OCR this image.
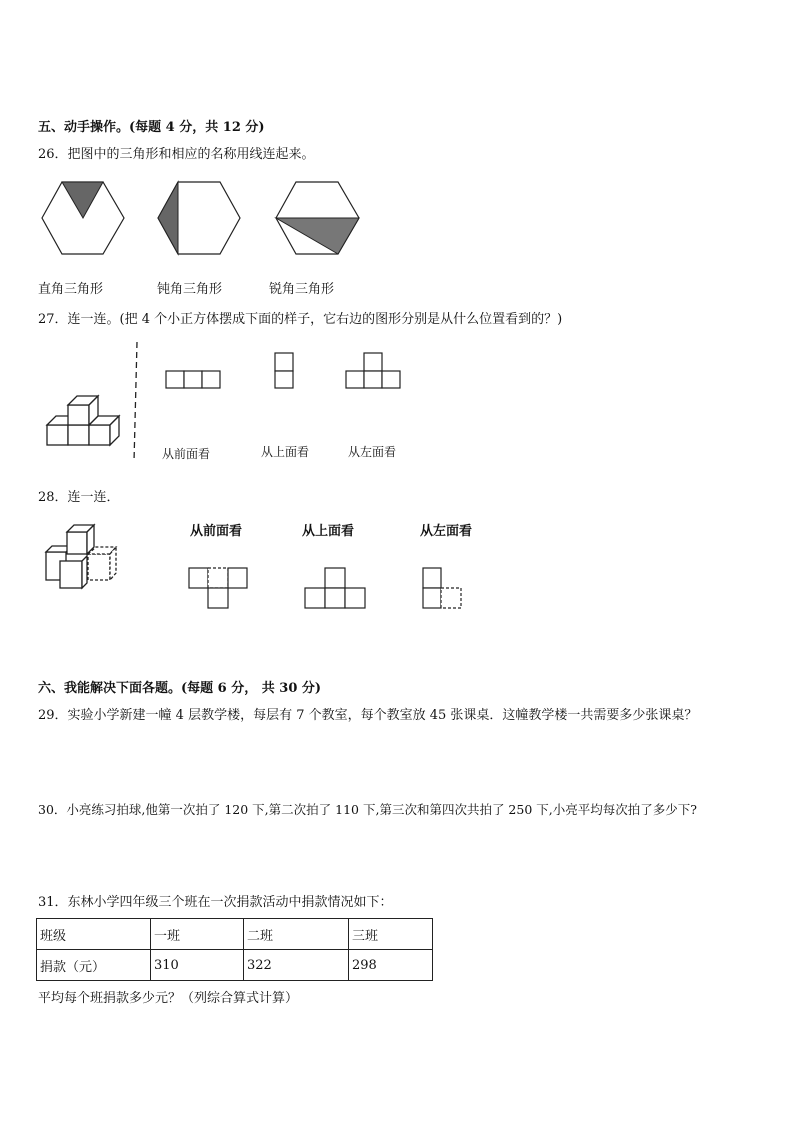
五、动手操作。(每题 4 分，共 12 分)
26．把图中的三角形和相应的名称用线连起来。
直角三角形	钝角三角形	锐角三角形
27．连一连。(把 4 个小正方体摆成下面的样子，它右边的图形分别是从什么位置看到的？)
从前面看	从上面看	从左面看
28．连一连．
从前面看	从上面看	从左面看
六、我能解决下面各题。(每题 6 分， 共 30 分)
29．实验小学新建一幢 4 层教学楼，每层有 7 个教室，每个教室放 45 张课桌．这幢教学楼一共需要多少张课桌？
30．小亮练习拍球,他第一次拍了 120 下,第二次拍了 110 下,第三次和第四次共拍了 250 下,小亮平均每次拍了多少下?
31．东林小学四年级三个班在一次捐款活动中捐款情况如下：
班级	一班	二班	三班
捐款（元）	310	322	298
平均每个班捐款多少元？（列综合算式计算）
